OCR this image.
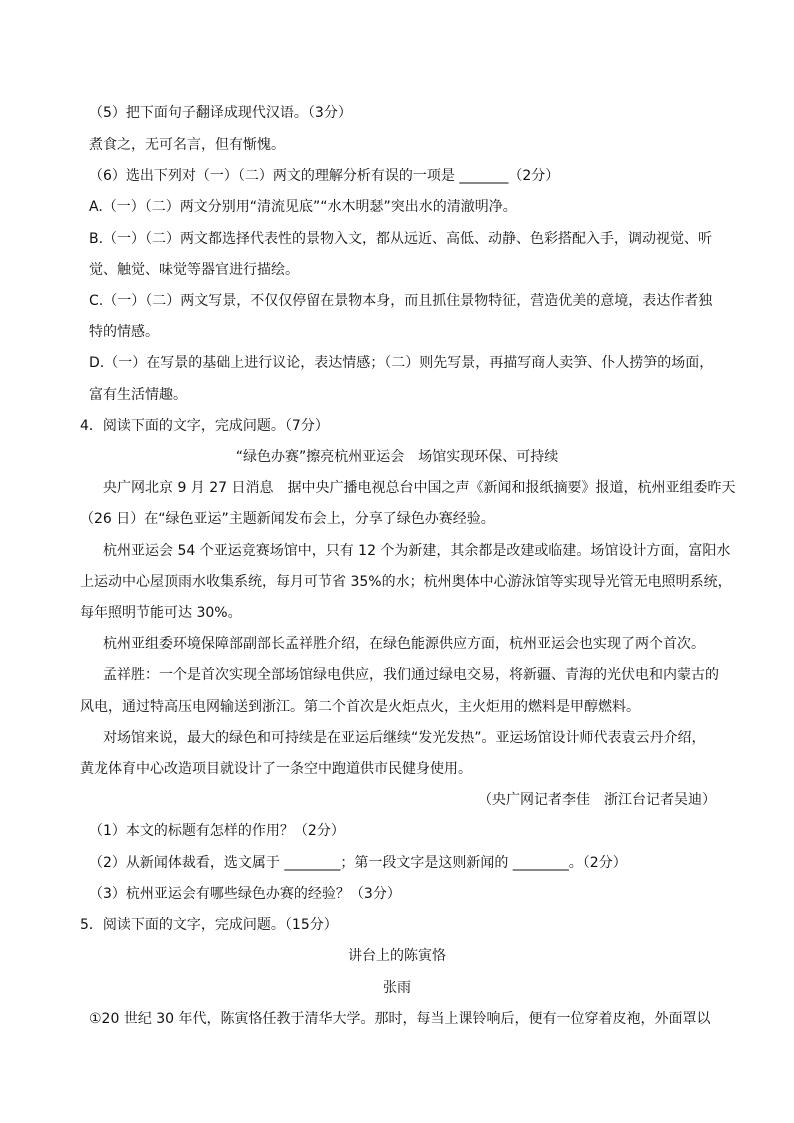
（5）把下面句子翻译成现代汉语。（3分）
煮食之，无可名言，但有惭愧。
（6）选出下列对（一）（二）两文的理解分析有误的一项是 _______（2分）
A.（一）（二）两文分别用“清流见底”“水木明瑟”突出水的清澈明净。
B.（一）（二）两文都选择代表性的景物入文，都从远近、高低、动静、色彩搭配入手，调动视觉、听
觉、触觉、味觉等器官进行描绘。
C.（一）（二）两文写景，不仅仅停留在景物本身，而且抓住景物特征，营造优美的意境，表达作者独
特的情感。
D.（一）在写景的基础上进行议论，表达情感；（二）则先写景，再描写商人卖笋、仆人捞笋的场面，
富有生活情趣。
4．阅读下面的文字，完成问题。（7分）
“绿色办赛”擦亮杭州亚运会　场馆实现环保、可持续
央广网北京 9 月 27 日消息　据中央广播电视总台中国之声《新闻和报纸摘要》报道，杭州亚组委昨天
（26 日）在“绿色亚运”主题新闻发布会上，分享了绿色办赛经验。
杭州亚运会 54 个亚运竞赛场馆中，只有 12 个为新建，其余都是改建或临建。场馆设计方面，富阳水
上运动中心屋顶雨水收集系统，每月可节省 35%的水；杭州奥体中心游泳馆等实现导光管无电照明系统，
每年照明节能可达 30%。
杭州亚组委环境保障部副部长孟祥胜介绍，在绿色能源供应方面，杭州亚运会也实现了两个首次。
孟祥胜：一个是首次实现全部场馆绿电供应，我们通过绿电交易，将新疆、青海的光伏电和内蒙古的
风电，通过特高压电网输送到浙江。第二个首次是火炬点火，主火炬用的燃料是甲醇燃料。
对场馆来说，最大的绿色和可持续是在亚运后继续“发光发热”。亚运场馆设计师代表袁云丹介绍，
黄龙体育中心改造项目就设计了一条空中跑道供市民健身使用。
（央广网记者李佳　浙江台记者吴迪）
（1）本文的标题有怎样的作用？（2分）
（2）从新闻体裁看，选文属于 ________；第一段文字是这则新闻的 ________。（2分）
（3）杭州亚运会有哪些绿色办赛的经验？（3分）
5．阅读下面的文字，完成问题。（15分）
讲台上的陈寅恪
张雨
①20 世纪 30 年代，陈寅恪任教于清华大学。那时，每当上课铃响后，便有一位穿着皮袍，外面罩以
